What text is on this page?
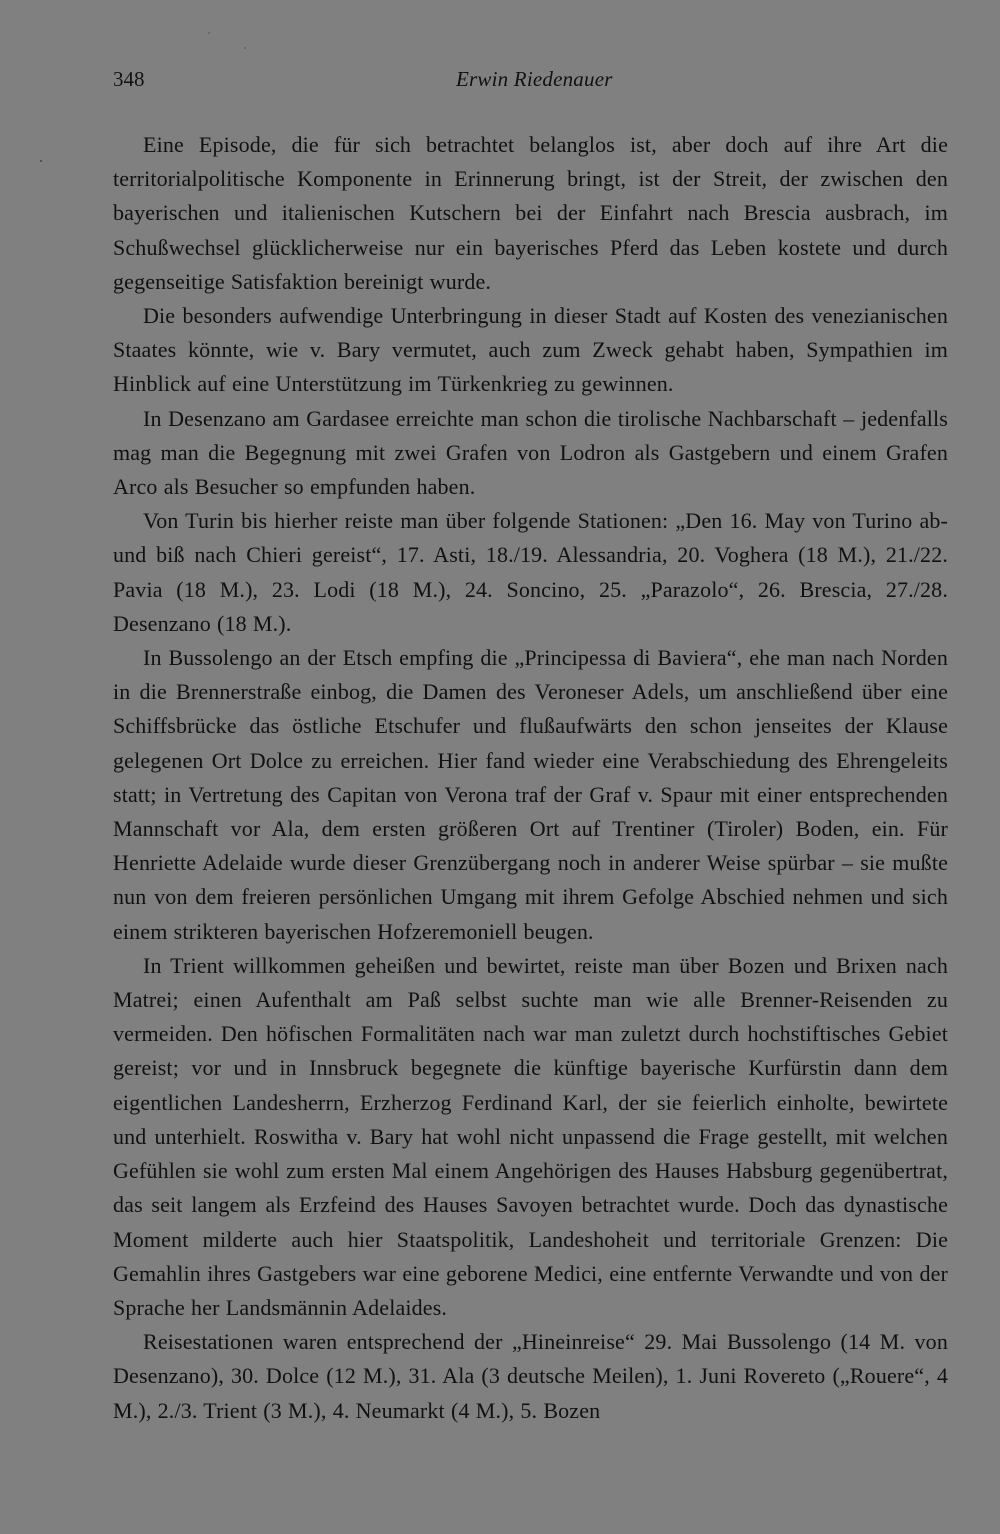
348	Erwin Riedenauer

Eine Episode, die für sich betrachtet belanglos ist, aber doch auf ihre Art die territorialpolitische Komponente in Erinnerung bringt, ist der Streit, der zwischen den bayerischen und italienischen Kutschern bei der Einfahrt nach Brescia ausbrach, im Schußwechsel glücklicherweise nur ein bayerisches Pferd das Leben kostete und durch gegenseitige Satisfaktion bereinigt wurde.

Die besonders aufwendige Unterbringung in dieser Stadt auf Kosten des venezianischen Staates könnte, wie v. Bary vermutet, auch zum Zweck gehabt haben, Sympathien im Hinblick auf eine Unterstützung im Türkenkrieg zu gewinnen.

In Desenzano am Gardasee erreichte man schon die tirolische Nachbarschaft – jedenfalls mag man die Begegnung mit zwei Grafen von Lodron als Gastgebern und einem Grafen Arco als Besucher so empfunden haben.

Von Turin bis hierher reiste man über folgende Stationen: „Den 16. May von Turino ab- und biß nach Chieri gereist“, 17. Asti, 18./19. Alessandria, 20. Voghera (18 M.), 21./22. Pavia (18 M.), 23. Lodi (18 M.), 24. Soncino, 25. „Parazolo“, 26. Brescia, 27./28. Desenzano (18 M.).

In Bussolengo an der Etsch empfing die „Principessa di Baviera“, ehe man nach Norden in die Brennerstraße einbog, die Damen des Veroneser Adels, um anschließend über eine Schiffsbrücke das östliche Etschufer und flußaufwärts den schon jenseites der Klause gelegenen Ort Dolce zu erreichen. Hier fand wieder eine Verabschiedung des Ehrengeleits statt; in Vertretung des Capitan von Verona traf der Graf v. Spaur mit einer entsprechenden Mannschaft vor Ala, dem ersten größeren Ort auf Trentiner (Tiroler) Boden, ein. Für Henriette Adelaide wurde dieser Grenzübergang noch in anderer Weise spürbar – sie mußte nun von dem freieren persönlichen Umgang mit ihrem Gefolge Abschied nehmen und sich einem strikteren bayerischen Hofzeremoniell beugen.

In Trient willkommen geheißen und bewirtet, reiste man über Bozen und Brixen nach Matrei; einen Aufenthalt am Paß selbst suchte man wie alle Brenner-Reisenden zu vermeiden. Den höfischen Formalitäten nach war man zuletzt durch hochstiftisches Gebiet gereist; vor und in Innsbruck begegnete die künftige bayerische Kurfürstin dann dem eigentlichen Landesherrn, Erzherzog Ferdinand Karl, der sie feierlich einholte, bewirtete und unterhielt. Roswitha v. Bary hat wohl nicht unpassend die Frage gestellt, mit welchen Gefühlen sie wohl zum ersten Mal einem Angehörigen des Hauses Habsburg gegenübertrat, das seit langem als Erzfeind des Hauses Savoyen betrachtet wurde. Doch das dynastische Moment milderte auch hier Staatspolitik, Landeshoheit und territoriale Grenzen: Die Gemahlin ihres Gastgebers war eine geborene Medici, eine entfernte Verwandte und von der Sprache her Landsmännin Adelaides.

Reisestationen waren entsprechend der „Hineinreise“ 29. Mai Bussolengo (14 M. von Desenzano), 30. Dolce (12 M.), 31. Ala (3 deutsche Meilen), 1. Juni Rovereto („Rouere“, 4 M.), 2./3. Trient (3 M.), 4. Neumarkt (4 M.), 5. Bozen
